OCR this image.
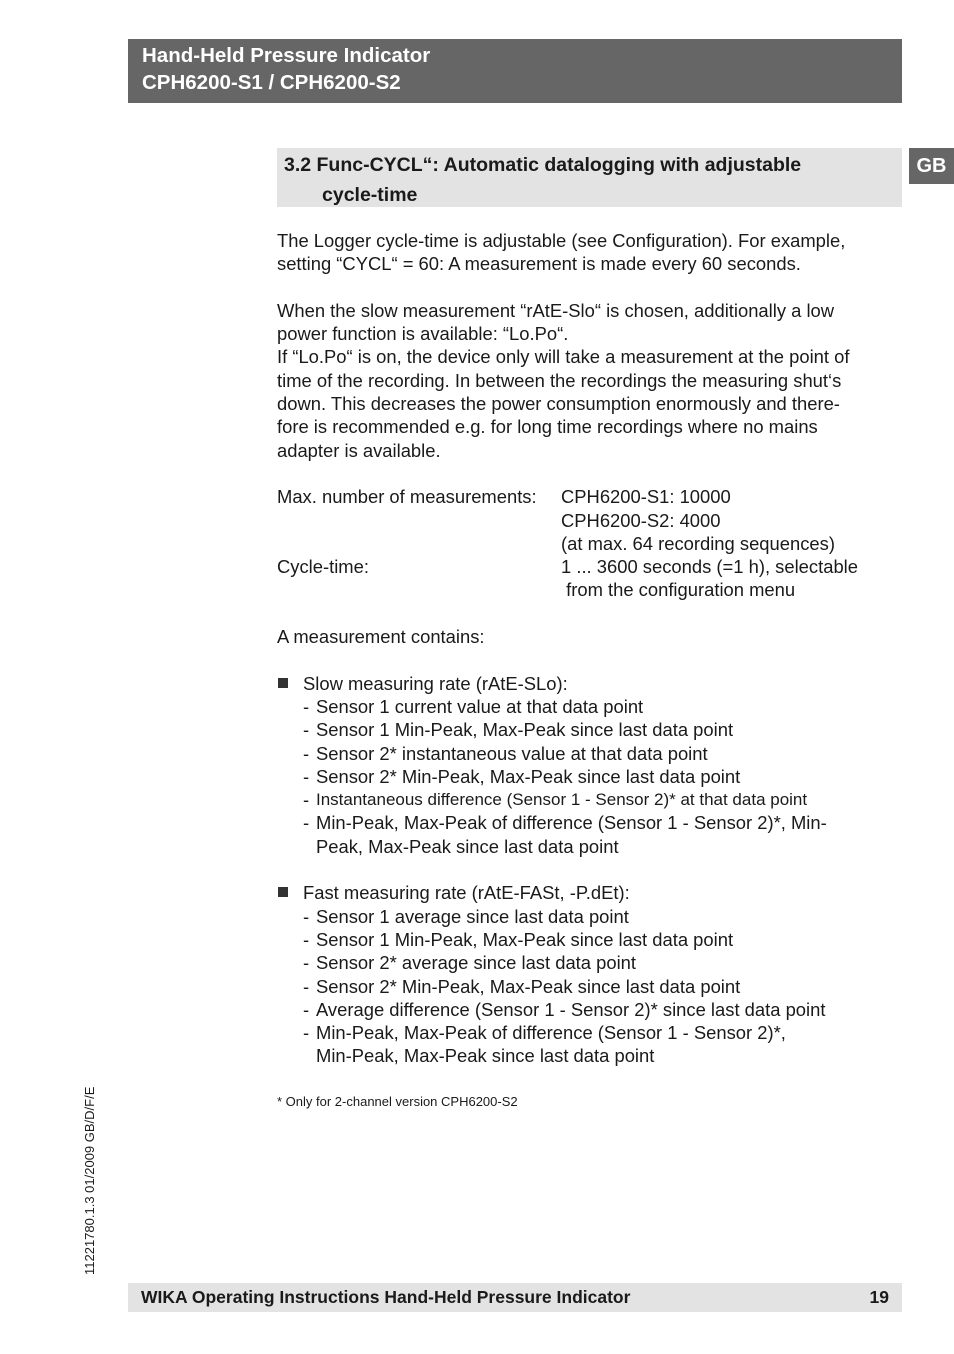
Hand-Held Pressure Indicator
CPH6200-S1 / CPH6200-S2
GB
3.2 Func-CYCL“: Automatic datalogging with adjustable
cycle-time

The Logger cycle-time is adjustable (see Configuration). For example,
setting “CYCL“ = 60: A measurement is made every 60 seconds.

When the slow measurement “rAtE-Slo“ is chosen, additionally a low
power function is available: “Lo.Po“.

If “Lo.Po“ is on, the device only will take a measurement at the point of
time of the recording. In between the recordings the measuring shut‘s
down. This decreases the power consumption enormously and there-
fore is recommended e.g. for long time recordings where no mains
adapter is available.

Max. number of measurements:	CPH6200-S1: 10000
CPH6200-S2: 4000
(at max. 64 recording sequences)
Cycle-time:	1 ... 3600 seconds (=1 h), selectable
from the configuration menu

A measurement contains:

Slow measuring rate (rAtE-SLo):
- Sensor 1 current value at that data point
- Sensor 1 Min-Peak, Max-Peak since last data point
- Sensor 2* instantaneous value at that data point
- Sensor 2* Min-Peak, Max-Peak since last data point
- Instantaneous difference (Sensor 1 - Sensor 2)* at that data point
- Min-Peak, Max-Peak of difference (Sensor 1 - Sensor 2)*, Min-
Peak, Max-Peak since last data point
Fast measuring rate (rAtE-FASt, -P.dEt):
- Sensor 1 average since last data point
- Sensor 1 Min-Peak, Max-Peak since last data point
- Sensor 2* average since last data point
- Sensor 2* Min-Peak, Max-Peak since last data point
- Average difference (Sensor 1 - Sensor 2)* since last data point
- Min-Peak, Max-Peak of difference (Sensor 1 - Sensor 2)*,
Min-Peak, Max-Peak since last data point
* Only for 2-channel version CPH6200-S2
11221780.1.3 01/2009 GB/D/F/E
WIKA Operating Instructions Hand-Held Pressure Indicator	19
